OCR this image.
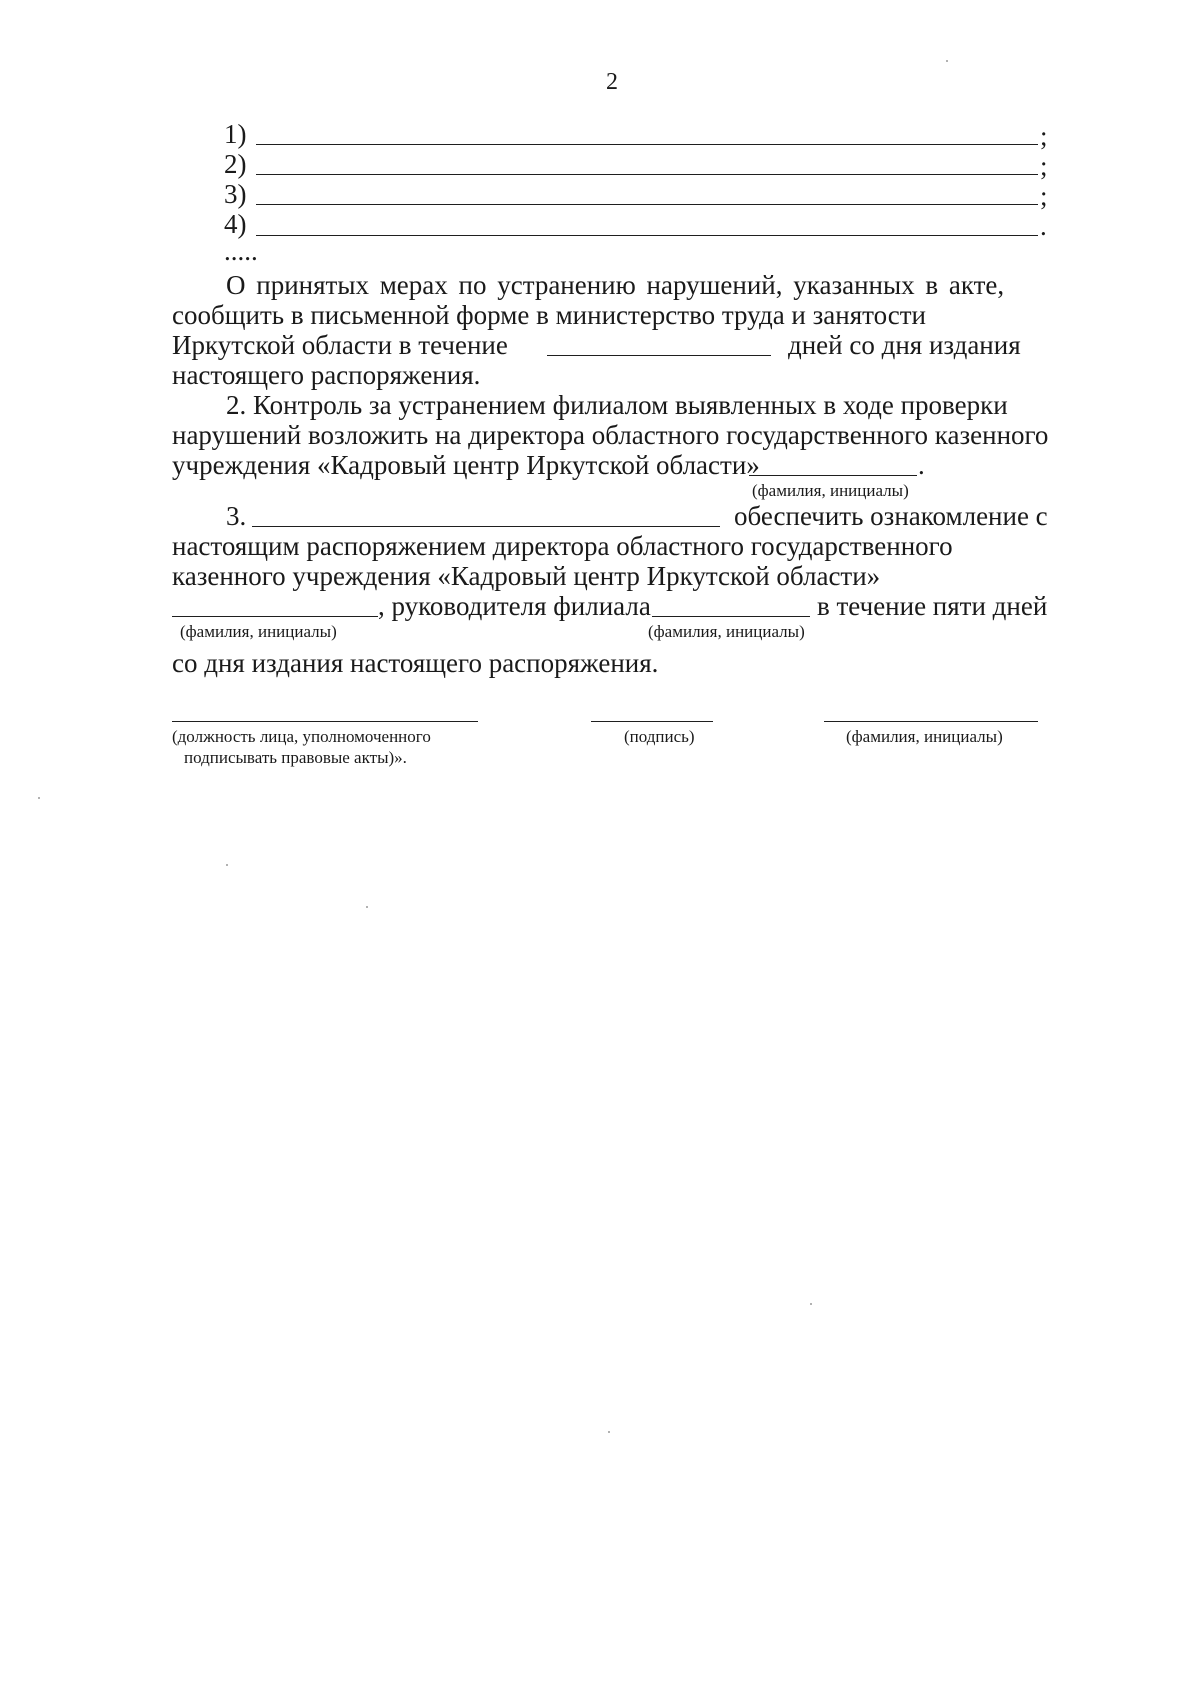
2
1)	;
2)	;
3)	;
4)	.
.....
О принятых мерах по устранению нарушений, указанных в акте,
сообщить в письменной форме в министерство труда и занятости
Иркутской области в течение	дней со дня издания
настоящего распоряжения.
2. Контроль за устранением филиалом выявленных в ходе проверки
нарушений возложить на директора областного государственного казенного
учреждения «Кадровый центр Иркутской области»	.
(фамилия, инициалы)
3.	обеспечить ознакомление с
настоящим распоряжением директора областного государственного
казенного учреждения «Кадровый центр Иркутской области»
, руководителя филиала	в течение пяти дней
(фамилия, инициалы)	(фамилия, инициалы)
со дня издания настоящего распоряжения.
(должность лица, уполномоченного
подписывать правовые акты)».
(подпись)	(фамилия, инициалы)
